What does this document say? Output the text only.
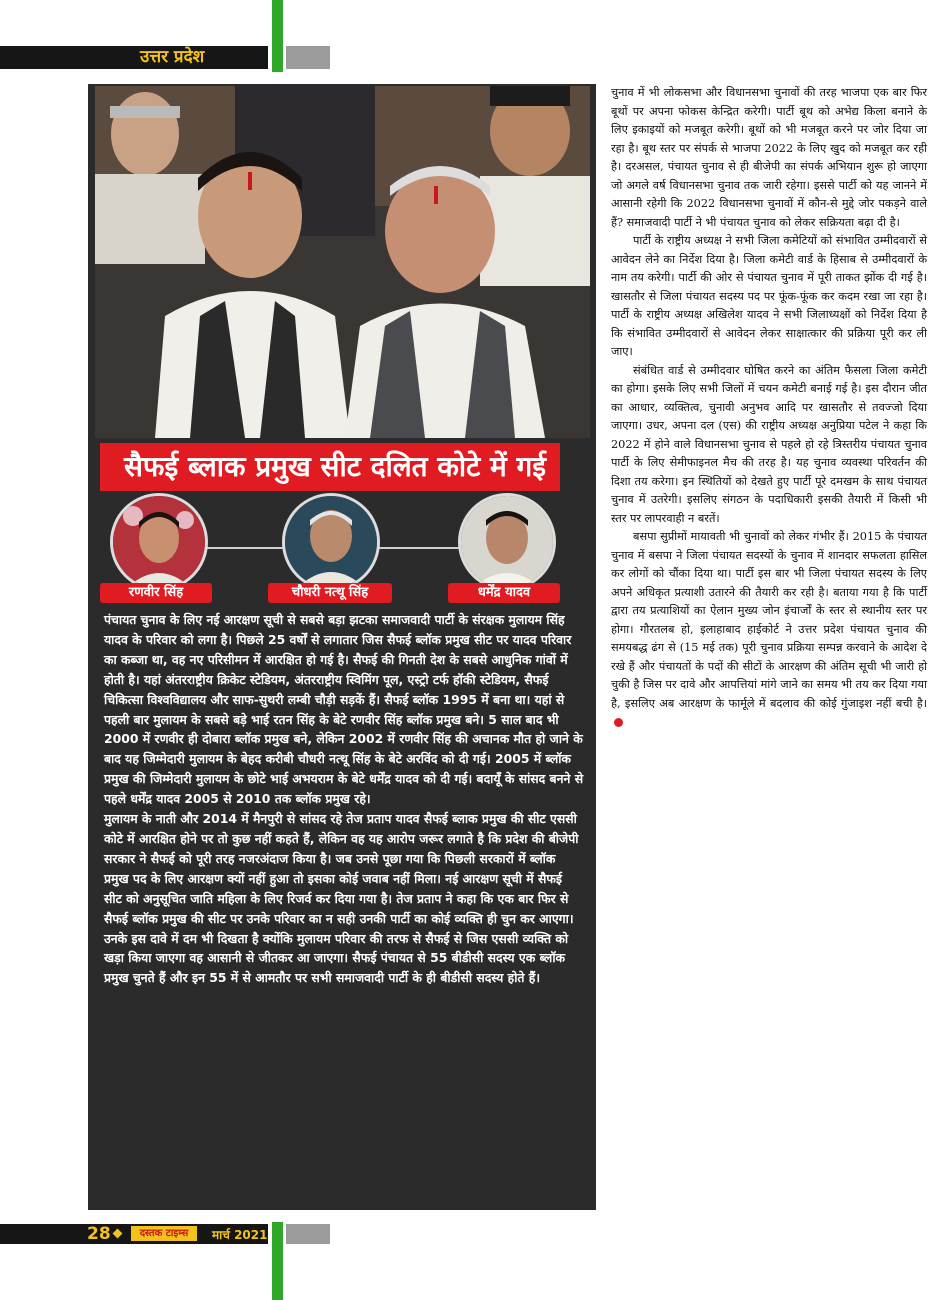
उत्तर प्रदेश
सैफई ब्लाक प्रमुख सीट दलित कोटे में गई
रणवीर सिंह	चौधरी नत्थू सिंह	धर्मेंद्र यादव

पंचायत चुनाव के लिए नई आरक्षण सूची से सबसे बड़ा झटका समाजवादी पार्टी के संरक्षक मुलायम सिंह यादव के परिवार को लगा है। पिछले 25 वर्षों से लगातार जिस सैफई ब्लॉक प्रमुख सीट पर यादव परिवार का कब्जा था, वह नए परिसीमन में आरक्षित हो गई है। सैफई की गिनती देश के सबसे आधुनिक गांवों में होती है। यहां अंतरराष्ट्रीय क्रिकेट स्टेडियम, अंतरराष्ट्रीय स्विमिंग पूल, एस्ट्रो टर्फ हॉकी स्टेडियम, सैफई चिकित्सा विश्वविद्यालय और साफ-सुथरी लम्बी चौड़ी सड़कें हैं। सैफई ब्लॉक 1995 में बना था। यहां से पहली बार मुलायम के सबसे बड़े भाई रतन सिंह के बेटे रणवीर सिंह ब्लॉक प्रमुख बने। 5 साल बाद भी 2000 में रणवीर ही दोबारा ब्लॉक प्रमुख बने, लेकिन 2002 में रणवीर सिंह की अचानक मौत हो जाने के बाद यह जिम्मेदारी मुलायम के बेहद करीबी चौधरी नत्थू सिंह के बेटे अरविंद को दी गई। 2005 में ब्लॉक प्रमुख की जिम्मेदारी मुलायम के छोटे भाई अभयराम के बेटे धर्मेंद्र यादव को दी गई। बदायूँ के सांसद बनने से पहले धर्मेंद्र यादव 2005 से 2010 तक ब्लॉक प्रमुख रहे।

मुलायम के नाती और 2014 में मैनपुरी से सांसद रहे तेज प्रताप यादव सैफई ब्लाक प्रमुख की सीट एससी कोटे में आरक्षित होने पर तो कुछ नहीं कहते हैं, लेकिन वह यह आरोप जरूर लगाते है कि प्रदेश की बीजेपी सरकार ने सैफई को पूरी तरह नजरअंदाज किया है। जब उनसे पूछा गया कि पिछली सरकारों में ब्लॉक प्रमुख पद के लिए आरक्षण क्यों नहीं हुआ तो इसका कोई जवाब नहीं मिला। नई आरक्षण सूची में सैफई सीट को अनुसूचित जाति महिला के लिए रिजर्व कर दिया गया है। तेज प्रताप ने कहा कि एक बार फिर से सैफई ब्लॉक प्रमुख की सीट पर उनके परिवार का न सही उनकी पार्टी का कोई व्यक्ति ही चुन कर आएगा। उनके इस दावे में दम भी दिखता है क्योंकि मुलायम परिवार की तरफ से सैफई से जिस एससी व्यक्ति को खड़ा किया जाएगा वह आसानी से जीतकर आ जाएगा। सैफई पंचायत से 55 बीडीसी सदस्य एक ब्लॉक प्रमुख चुनते हैं और इन 55 में से आमतौर पर सभी समाजवादी पार्टी के ही बीडीसी सदस्य होते हैं।

चुनाव में भी लोकसभा और विधानसभा चुनावों की तरह भाजपा एक बार फिर बूथों पर अपना फोकस केन्द्रित करेगी। पार्टी बूथ को अभेद्य किला बनाने के लिए इकाइयों को मजबूत करेगी। बूथों को भी मजबूत करने पर जोर दिया जा रहा है। बूथ स्तर पर संपर्क से भाजपा 2022 के लिए खुद को मजबूत कर रही है। दरअसल, पंचायत चुनाव से ही बीजेपी का संपर्क अभियान शुरू हो जाएगा जो अगले वर्ष विधानसभा चुनाव तक जारी रहेगा। इससे पार्टी को यह जानने में आसानी रहेगी कि 2022 विधानसभा चुनावों में कौन-से मुद्दे जोर पकड़ने वाले हैं? समाजवादी पार्टी ने भी पंचायत चुनाव को लेकर सक्रियता बढ़ा दी है।

पार्टी के राष्ट्रीय अध्यक्ष ने सभी जिला कमेटियों को संभावित उम्मीदवारों से आवेदन लेने का निर्देश दिया है। जिला कमेटी वार्ड के हिसाब से उम्मीदवारों के नाम तय करेगी। पार्टी की ओर से पंचायत चुनाव में पूरी ताकत झोंक दी गई है। खासतौर से जिला पंचायत सदस्य पद पर फूंक-फूंक कर कदम रखा जा रहा है। पार्टी के राष्ट्रीय अध्यक्ष अखिलेश यादव ने सभी जिलाध्यक्षों को निर्देश दिया है कि संभावित उम्मीदवारों से आवेदन लेकर साक्षात्कार की प्रक्रिया पूरी कर ली जाए।

संबंधित वार्ड से उम्मीदवार घोषित करने का अंतिम फैसला जिला कमेटी का होगा। इसके लिए सभी जिलों में चयन कमेटी बनाई गई है। इस दौरान जीत का आधार, व्यक्तित्व, चुनावी अनुभव आदि पर खासतौर से तवज्जो दिया जाएगा। उधर, अपना दल (एस) की राष्ट्रीय अध्यक्ष अनुप्रिया पटेल ने कहा कि 2022 में होने वाले विधानसभा चुनाव से पहले हो रहे त्रिस्तरीय पंचायत चुनाव पार्टी के लिए सेमीफाइनल मैच की तरह है। यह चुनाव व्यवस्था परिवर्तन की दिशा तय करेगा। इन स्थितियों को देखते हुए पार्टी पूरे दमखम के साथ पंचायत चुनाव में उतरेगी। इसलिए संगठन के पदाधिकारी इसकी तैयारी में किसी भी स्तर पर लापरवाही न बरतें।

बसपा सुप्रीमों मायावती भी चुनावों को लेकर गंभीर हैं। 2015 के पंचायत चुनाव में बसपा ने जिला पंचायत सदस्यों के चुनाव में शानदार सफलता हासिल कर लोगों को चौंका दिया था। पार्टी इस बार भी जिला पंचायत सदस्य के लिए अपने अधिकृत प्रत्याशी उतारने की तैयारी कर रही है। बताया गया है कि पार्टी द्वारा तय प्रत्याशियों का ऐलान मुख्य जोन इंचार्जों के स्तर से स्थानीय स्तर पर होगा। गौरतलब हो, इलाहाबाद हाईकोर्ट ने उत्तर प्रदेश पंचायत चुनाव की समयबद्ध ढंग से (15 मई तक) पूरी चुनाव प्रक्रिया सम्पन्न करवाने के आदेश दे रखे हैं और पंचायतों के पदों की सीटों के आरक्षण की अंतिम सूची भी जारी हो चुकी है जिस पर दावे और आपत्तियां मांगे जाने का समय भी तय कर दिया गया है, इसलिए अब आरक्षण के फार्मूले में बदलाव की कोई गुंजाइश नहीं बची है।

28	दस्तक टाइम्स	मार्च 2021
